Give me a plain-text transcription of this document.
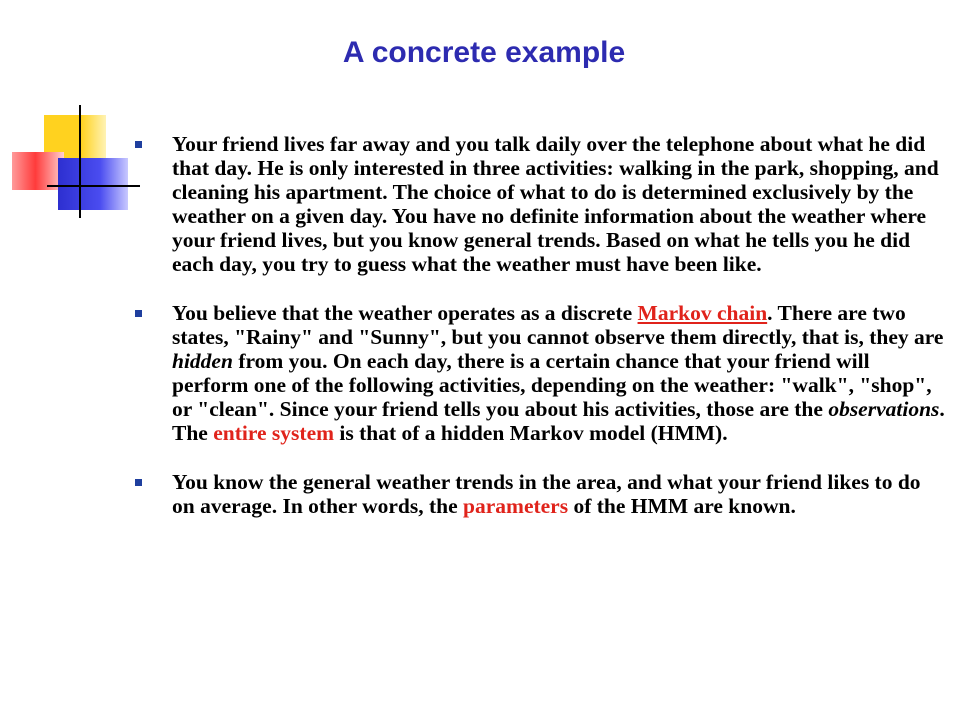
A concrete example
Your friend lives far away and you talk daily over the telephone about what he did that day. He is only interested in three activities: walking in the park, shopping, and cleaning his apartment. The choice of what to do is determined exclusively by the weather on a given day. You have no definite information about the weather where your friend lives, but you know general trends. Based on what he tells you he did each day, you try to guess what the weather must have been like.
You believe that the weather operates as a discrete Markov chain. There are two states, "Rainy" and "Sunny", but you cannot observe them directly, that is, they are hidden from you. On each day, there is a certain chance that your friend will perform one of the following activities, depending on the weather: "walk", "shop", or "clean". Since your friend tells you about his activities, those are the observations. The entire system is that of a hidden Markov model (HMM).
You know the general weather trends in the area, and what your friend likes to do on average. In other words, the parameters of the HMM are known.
